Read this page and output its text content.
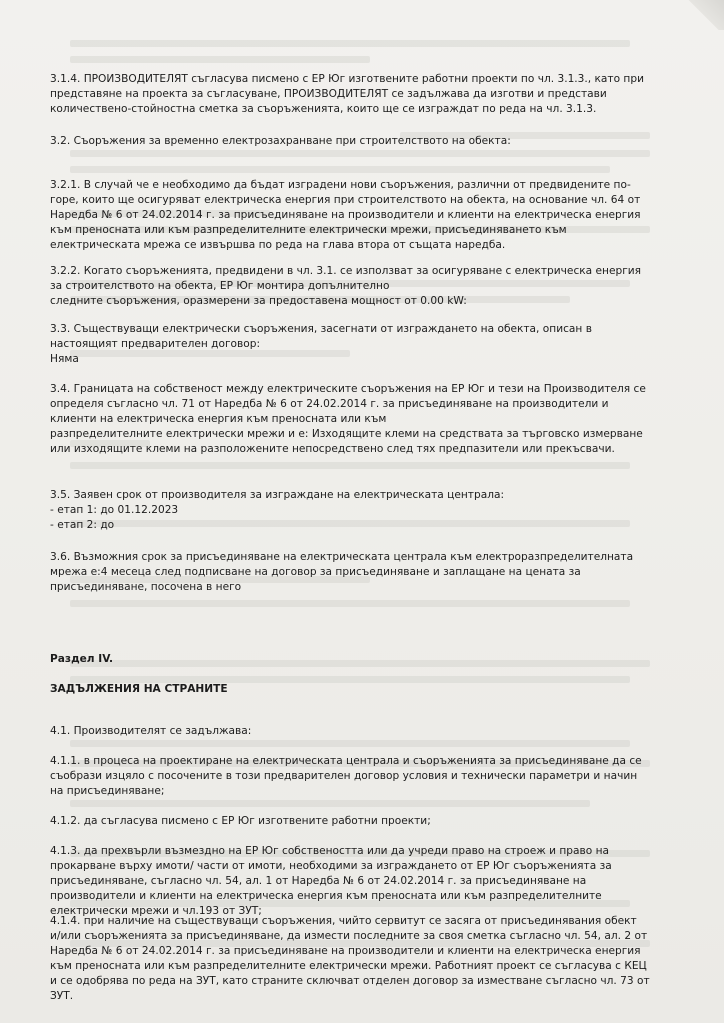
3.1.4. ПРОИЗВОДИТЕЛЯТ съгласува писмено с ЕР Юг изготвените работни проекти по чл. 3.1.3., като при представяне на проекта за съгласуване, ПРОИЗВОДИТЕЛЯТ се задължава да изготви и представи количествено-стойностна сметка за съоръженията, които ще се изграждат по реда на чл. 3.1.3.

3.2. Съоръжения за временно електрозахранване при строителството на обекта:

3.2.1. В случай че е необходимо да бъдат изградени нови съоръжения, различни от предвидените по-горе, които ще осигуряват електрическа енергия при строителството на обекта, на основание чл. 64 от Наредба № 6 от 24.02.2014 г. за присъединяване на производители и клиенти на електрическа енергия към преносната или към разпределителните електрически мрежи, присъединяването към електрическата мрежа се извършва по реда на глава втора от същата наредба.

3.2.2. Когато съоръженията, предвидени в чл. 3.1. се използват за осигуряване с електрическа енергия за строителството на обекта, ЕР Юг монтира допълнително

следните съоръжения, оразмерени за предоставена мощност от 0.00 kW:

3.3. Съществуващи електрически съоръжения, засегнати от изграждането на обекта, описан в настоящият предварителен договор:

Няма

3.4. Границата на собственост между електрическите съоръжения на ЕР Юг и тези на Производителя се определя съгласно чл. 71 от Наредба № 6 от 24.02.2014 г. за присъединяване на производители и клиенти на електрическа енергия към преносната или към

разпределителните електрически мрежи и е: Изходящите клеми на средствата за търговско измерване или изходящите клеми на разположените непосредствено след тях предпазители или прекъсвачи.

3.5. Заявен срок от производителя за изграждане на електрическата централа:

- етап 1: до 01.12.2023

- етап 2: до

3.6. Възможния срок за присъединяване на електрическата централа към електроразпределителната мрежа е:4 месеца след подписване на договор за присъединяване и заплащане на цената за присъединяване, посочена в него

Раздел IV.

ЗАДЪЛЖЕНИЯ НА СТРАНИТЕ

4.1. Производителят се задължава:

4.1.1. в процеса на проектиране на електрическата централа и съоръженията за присъединяване да се съобрази изцяло с посочените в този предварителен договор условия и технически параметри и начин на присъединяване;

4.1.2. да съгласува писмено с ЕР Юг изготвените работни проекти;

4.1.3. да прехвърли възмездно на ЕР Юг собствеността или да учреди право на строеж и право на прокарване върху имоти/ части от имоти, необходими за изграждането от ЕР Юг съоръженията за присъединяване, съгласно чл. 54, ал. 1 от Наредба № 6 от 24.02.2014 г. за присъединяване на производители и клиенти на електрическа енергия към преносната или към разпределителните електрически мрежи и чл.193 от ЗУТ;

4.1.4. при наличие на съществуващи съоръжения, чийто сервитут се засяга от присъединявания обект и/или съоръженията за присъединяване, да измести последните за своя сметка съгласно чл. 54, ал. 2 от Наредба № 6 от 24.02.2014 г. за присъединяване на производители и клиенти на електрическа енергия към преносната или към разпределителните електрически мрежи. Работният проект се съгласува с КЕЦ и се одобрява по реда на ЗУТ, като страните сключват отделен договор за изместване съгласно чл. 73 от ЗУТ.
